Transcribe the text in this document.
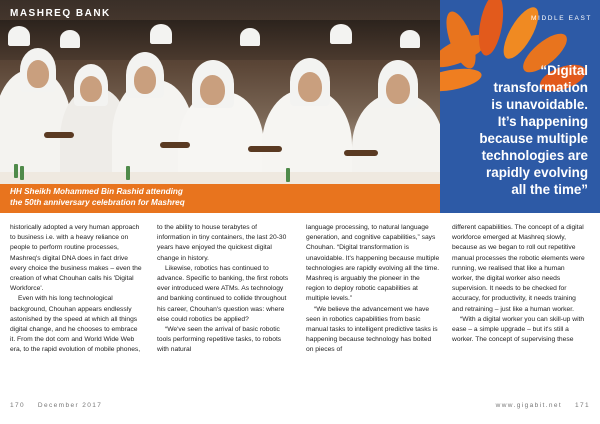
MASHREQ BANK
HH Sheikh Mohammed Bin Rashid attending
the 50th anniversary celebration for Mashreq
MIDDLE EAST
“Digital
transformation
is unavoidable.
It’s happening
because multiple
technologies are
rapidly evolving
all the time”

historically adopted a very human approach to business i.e. with a heavy reliance on people to perform routine processes, Mashreq's digital DNA does in fact drive every choice the business makes – even the creation of what Chouhan calls his 'Digital Workforce'.

Even with his long technological background, Chouhan appears endlessly astonished by the speed at which all things digital change, and he chooses to embrace it. From the dot com and World Wide Web era, to the rapid evolution of mobile phones,

to the ability to house terabytes of information in tiny containers, the last 20-30 years have enjoyed the quickest digital change in history.

Likewise, robotics has continued to advance. Specific to banking, the first robots ever introduced were ATMs. As technology and banking continued to collide throughout his career, Chouhan's question was: where else could robotics be applied?

“We've seen the arrival of basic robotic tools performing repetitive tasks, to robots with natural

language processing, to natural language generation, and cognitive capabilities,” says Chouhan. “Digital transformation is unavoidable. It's happening because multiple technologies are rapidly evolving all the time. Mashreq is arguably the pioneer in the region to deploy robotic capabilities at multiple levels.”

“We believe the advancement we have seen in robotics capabilities from basic manual tasks to intelligent predictive tasks is happening because technology has bolted on pieces of

different capabilities. The concept of a digital workforce emerged at Mashreq slowly, because as we began to roll out repetitive manual processes the robotic elements were running, we realised that like a human worker, the digital worker also needs supervision. It needs to be checked for accuracy, for productivity, it needs training and retraining – just like a human worker.

“With a digital worker you can skill-up with ease – a simple upgrade – but it's still a worker. The concept of supervising these

170 December 2017	www.gigabit.net 171
